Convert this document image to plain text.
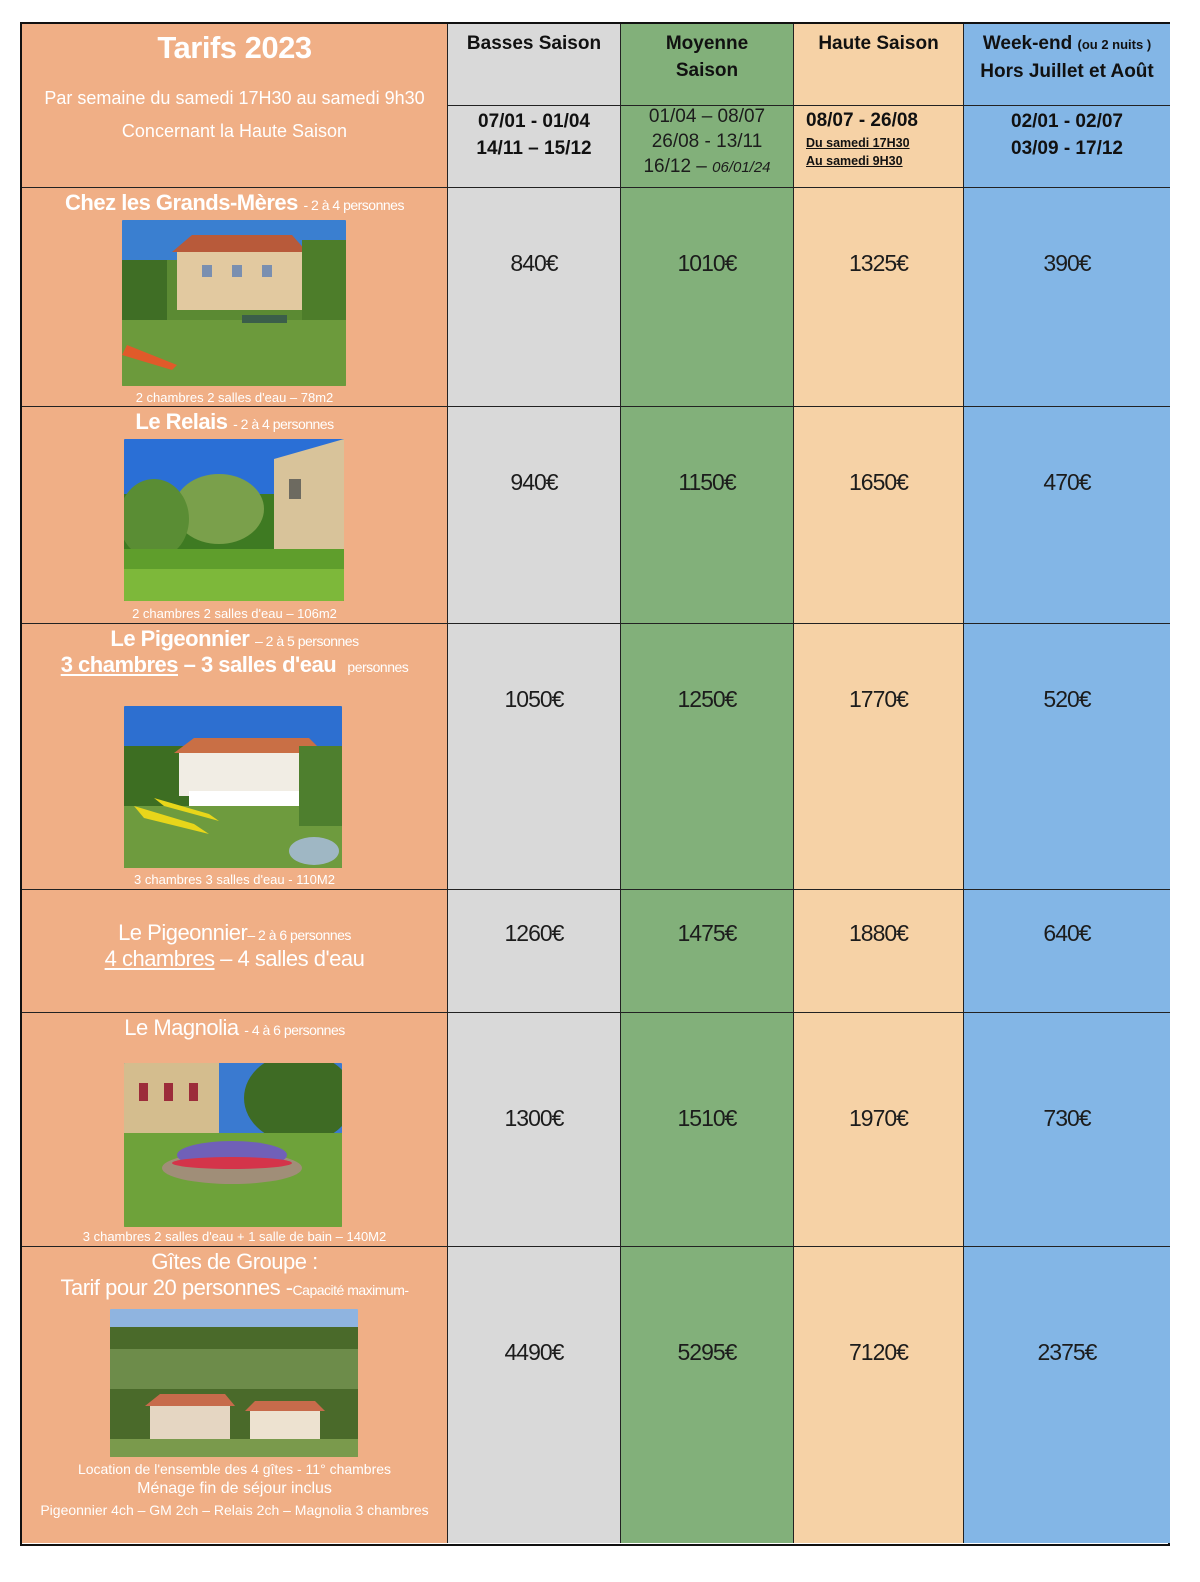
Tarifs 2023
Par semaine du samedi 17H30 au samedi 9h30
Concernant la Haute Saison
Basses Saison
07/01 - 01/04
14/11 – 15/12
Moyenne
Saison
01/04 – 08/07
26/08 - 13/11
16/12 – 06/01/24
Haute Saison
08/07 - 26/08
Du samedi 17H30
Au samedi 9H30
Week-end (ou 2 nuits )
Hors Juillet et Août
02/01 - 02/07
03/09 - 17/12
Chez les Grands-Mères - 2 à 4 personnes
2 chambres 2 salles d'eau – 78m2
840€	1010€	1325€	390€
Le Relais - 2 à 4 personnes
2 chambres 2 salles d'eau – 106m2
940€	1150€	1650€	470€
Le Pigeonnier – 2 à 5 personnes
3 chambres – 3 salles d'eau personnes
3 chambres 3 salles d'eau - 110M2
1050€	1250€	1770€	520€
Le Pigeonnier– 2 à 6 personnes
4 chambres – 4 salles d'eau
1260€	1475€	1880€	640€
Le Magnolia - 4 à 6 personnes
3 chambres 2 salles d'eau + 1 salle de bain – 140M2
1300€	1510€	1970€	730€
Gîtes de Groupe :
Tarif pour 20 personnes -Capacité maximum-
Location de l'ensemble des 4 gîtes - 11° chambres
Ménage fin de séjour inclus
Pigeonnier 4ch – GM 2ch – Relais 2ch – Magnolia 3 chambres
4490€	5295€	7120€	2375€
